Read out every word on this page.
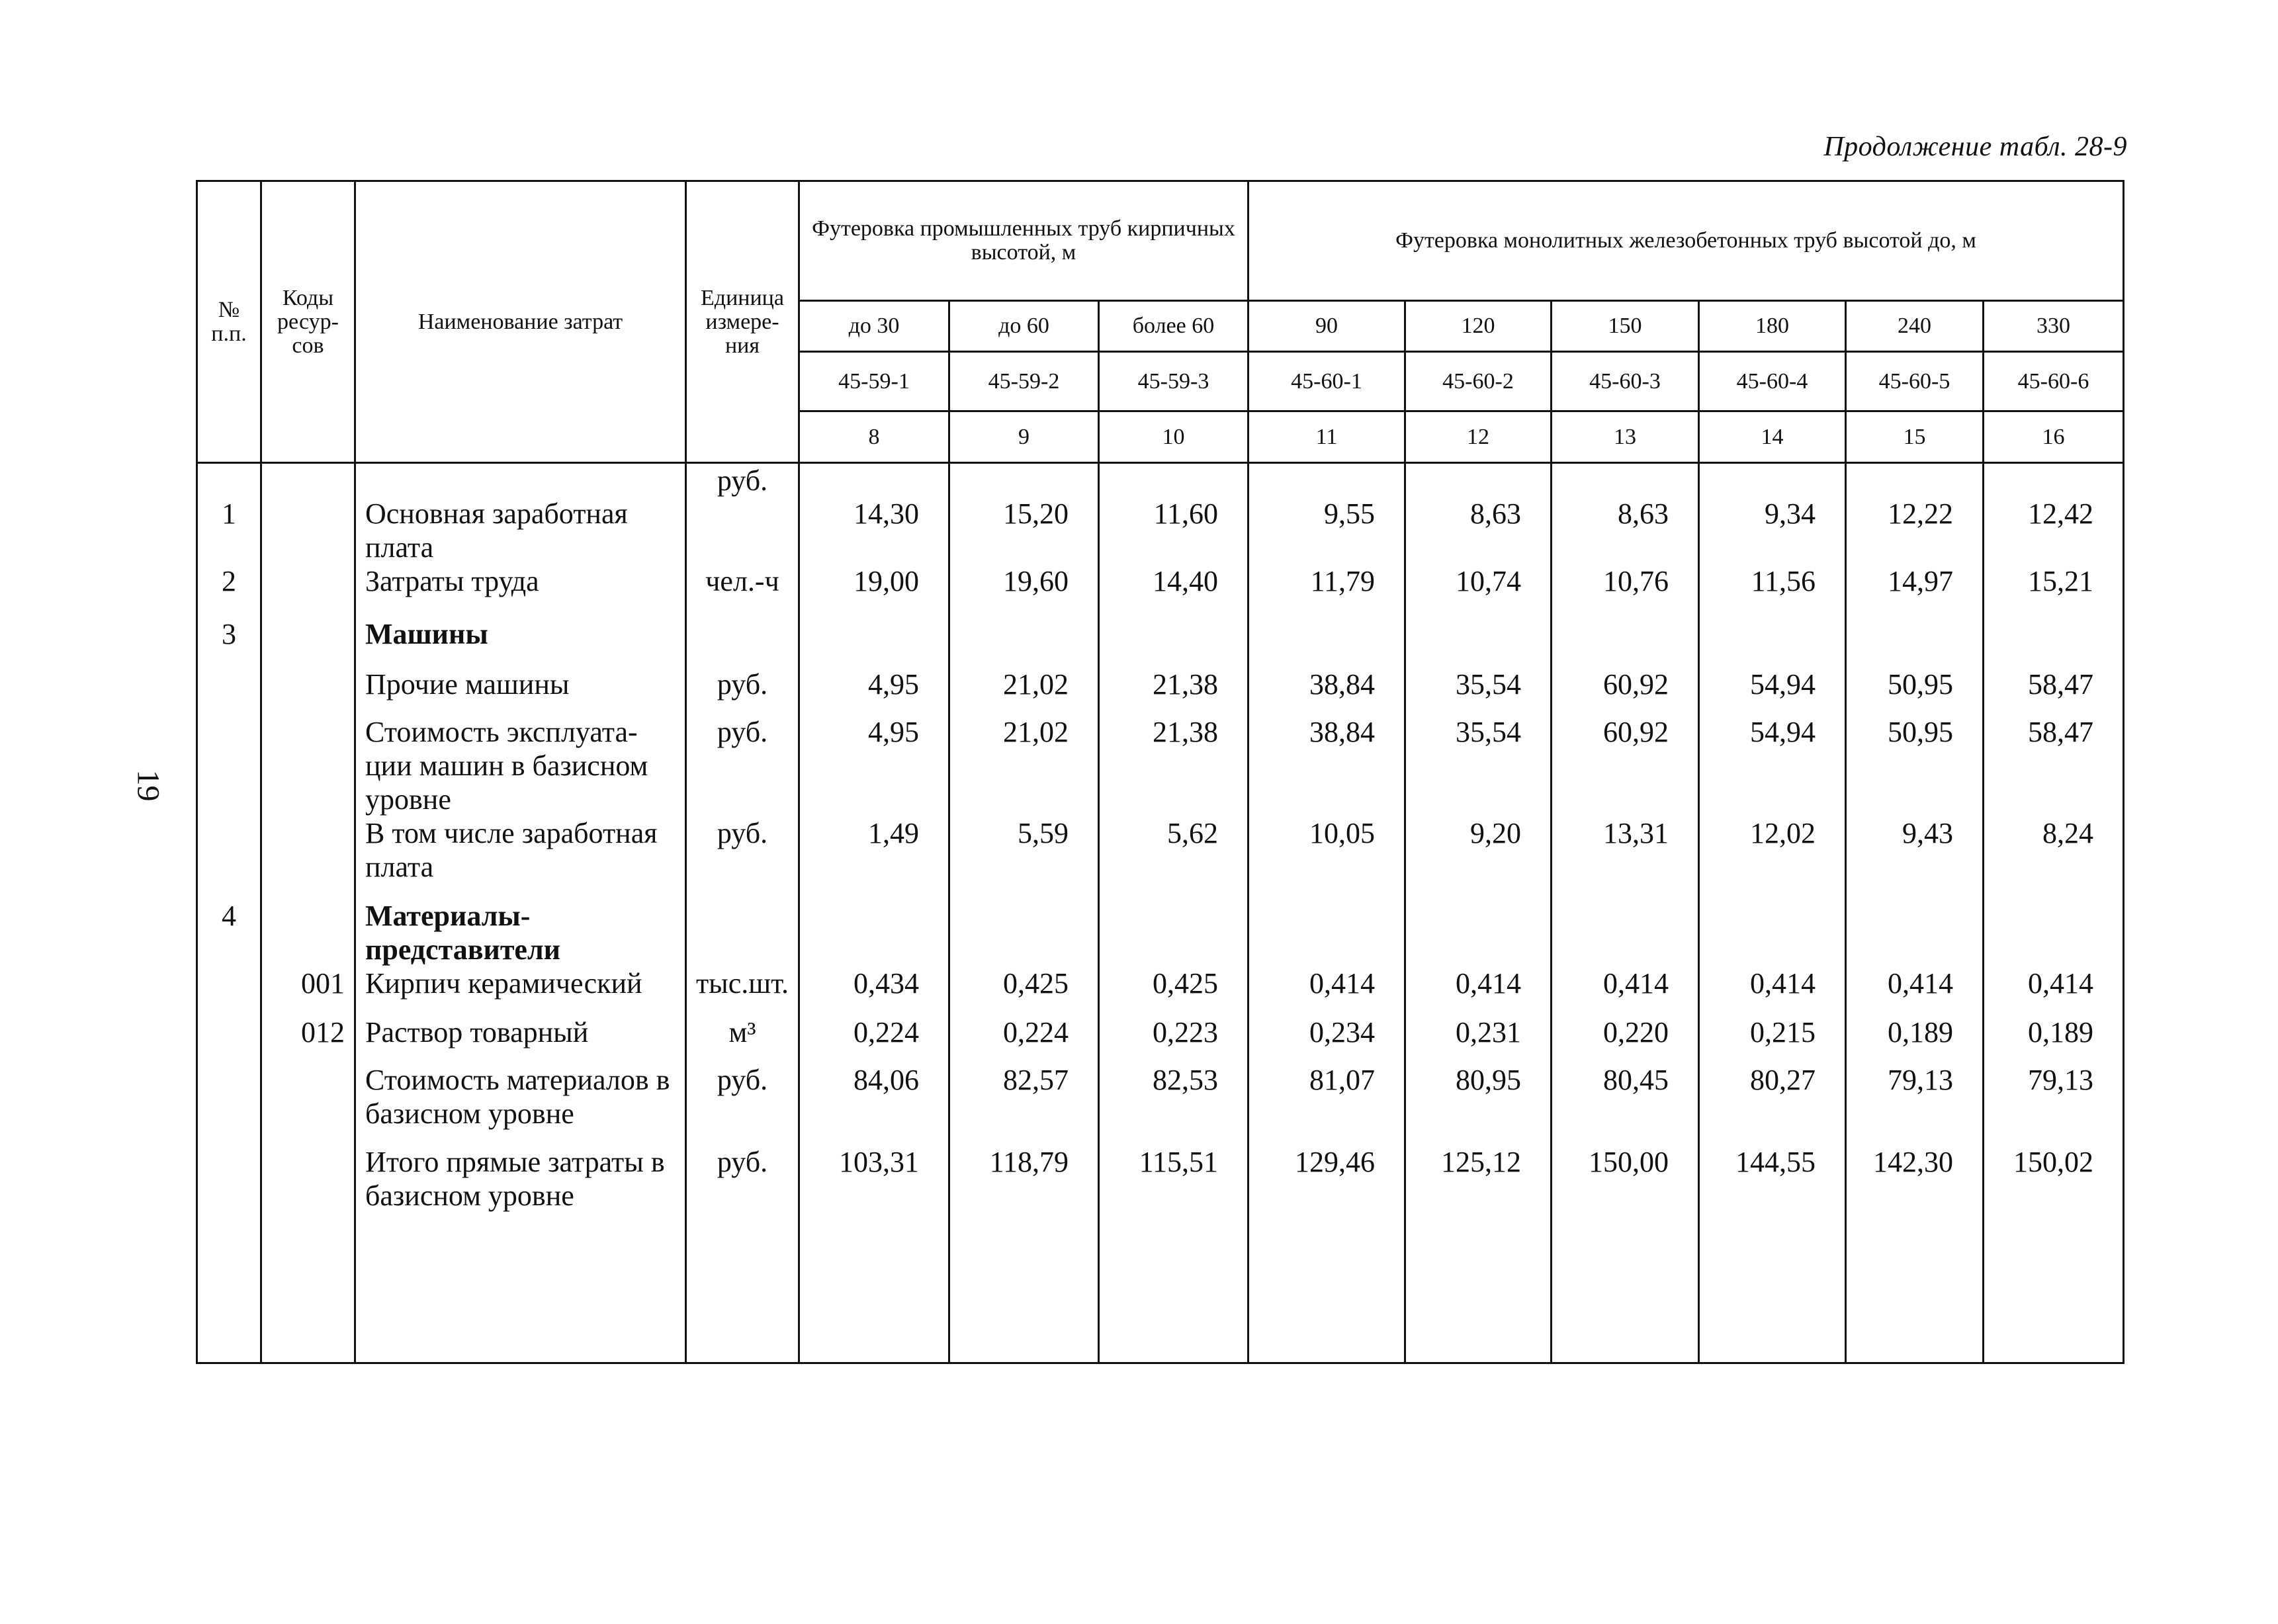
Продолжение табл. 28-9
19
№ п.п.	Коды ресур-сов	Наименование затрат	Единица измере-ния	Футеровка промышленных труб кирпичных высотой, м			Футеровка монолитных железобетонных труб высотой до, м					
				до 30	до 60	более 60	90	120	150	180	240	330
				45-59-1	45-59-2	45-59-3	45-60-1	45-60-2	45-60-3	45-60-4	45-60-5	45-60-6
				8	9	10	11	12	13	14	15	16
1		Основная заработная плата	руб.	14,30	15,20	11,60	9,55	8,63	8,63	9,34	12,22	12,42
2		Затраты труда	чел.-ч	19,00	19,60	14,40	11,79	10,74	10,76	11,56	14,97	15,21
3		Машины										
		Прочие машины	руб.	4,95	21,02	21,38	38,84	35,54	60,92	54,94	50,95	58,47
		Стоимость эксплуата-ции машин в базисном уровне	руб.	4,95	21,02	21,38	38,84	35,54	60,92	54,94	50,95	58,47
		В том числе заработная плата	руб.	1,49	5,59	5,62	10,05	9,20	13,31	12,02	9,43	8,24
4		Материалы-представители										
	001	Кирпич керамический	тыс.шт.	0,434	0,425	0,425	0,414	0,414	0,414	0,414	0,414	0,414
	012	Раствор товарный	м³	0,224	0,224	0,223	0,234	0,231	0,220	0,215	0,189	0,189
		Стоимость материалов в базисном уровне	руб.	84,06	82,57	82,53	81,07	80,95	80,45	80,27	79,13	79,13
		Итого прямые затраты в базисном уровне	руб.	103,31	118,79	115,51	129,46	125,12	150,00	144,55	142,30	150,02
